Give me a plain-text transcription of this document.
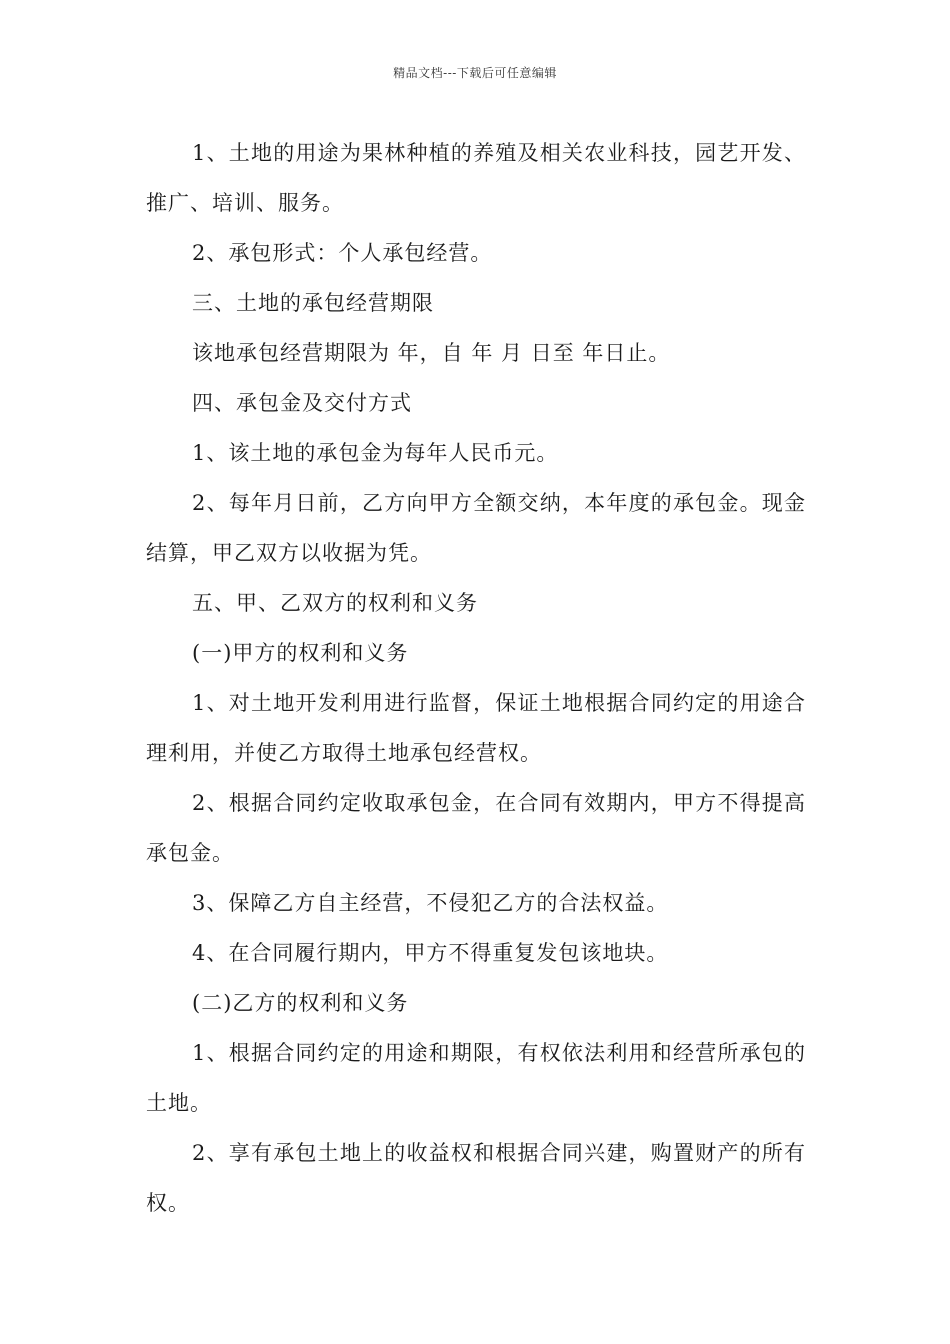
精品文档---下载后可任意编辑

1、土地的用途为果林种植的养殖及相关农业科技，园艺开发、推广、培训、服务。

2、承包形式：个人承包经营。

三、土地的承包经营期限

该地承包经营期限为 年，自 年 月 日至 年日止。

四、承包金及交付方式

1、该土地的承包金为每年人民币元。

2、每年月日前，乙方向甲方全额交纳，本年度的承包金。现金结算，甲乙双方以收据为凭。

五、甲、乙双方的权利和义务

(一)甲方的权利和义务

1、对土地开发利用进行监督，保证土地根据合同约定的用途合理利用，并使乙方取得土地承包经营权。

2、根据合同约定收取承包金，在合同有效期内，甲方不得提高承包金。

3、保障乙方自主经营，不侵犯乙方的合法权益。

4、在合同履行期内，甲方不得重复发包该地块。

(二)乙方的权利和义务

1、根据合同约定的用途和期限，有权依法利用和经营所承包的土地。

2、享有承包土地上的收益权和根据合同兴建，购置财产的所有权。
